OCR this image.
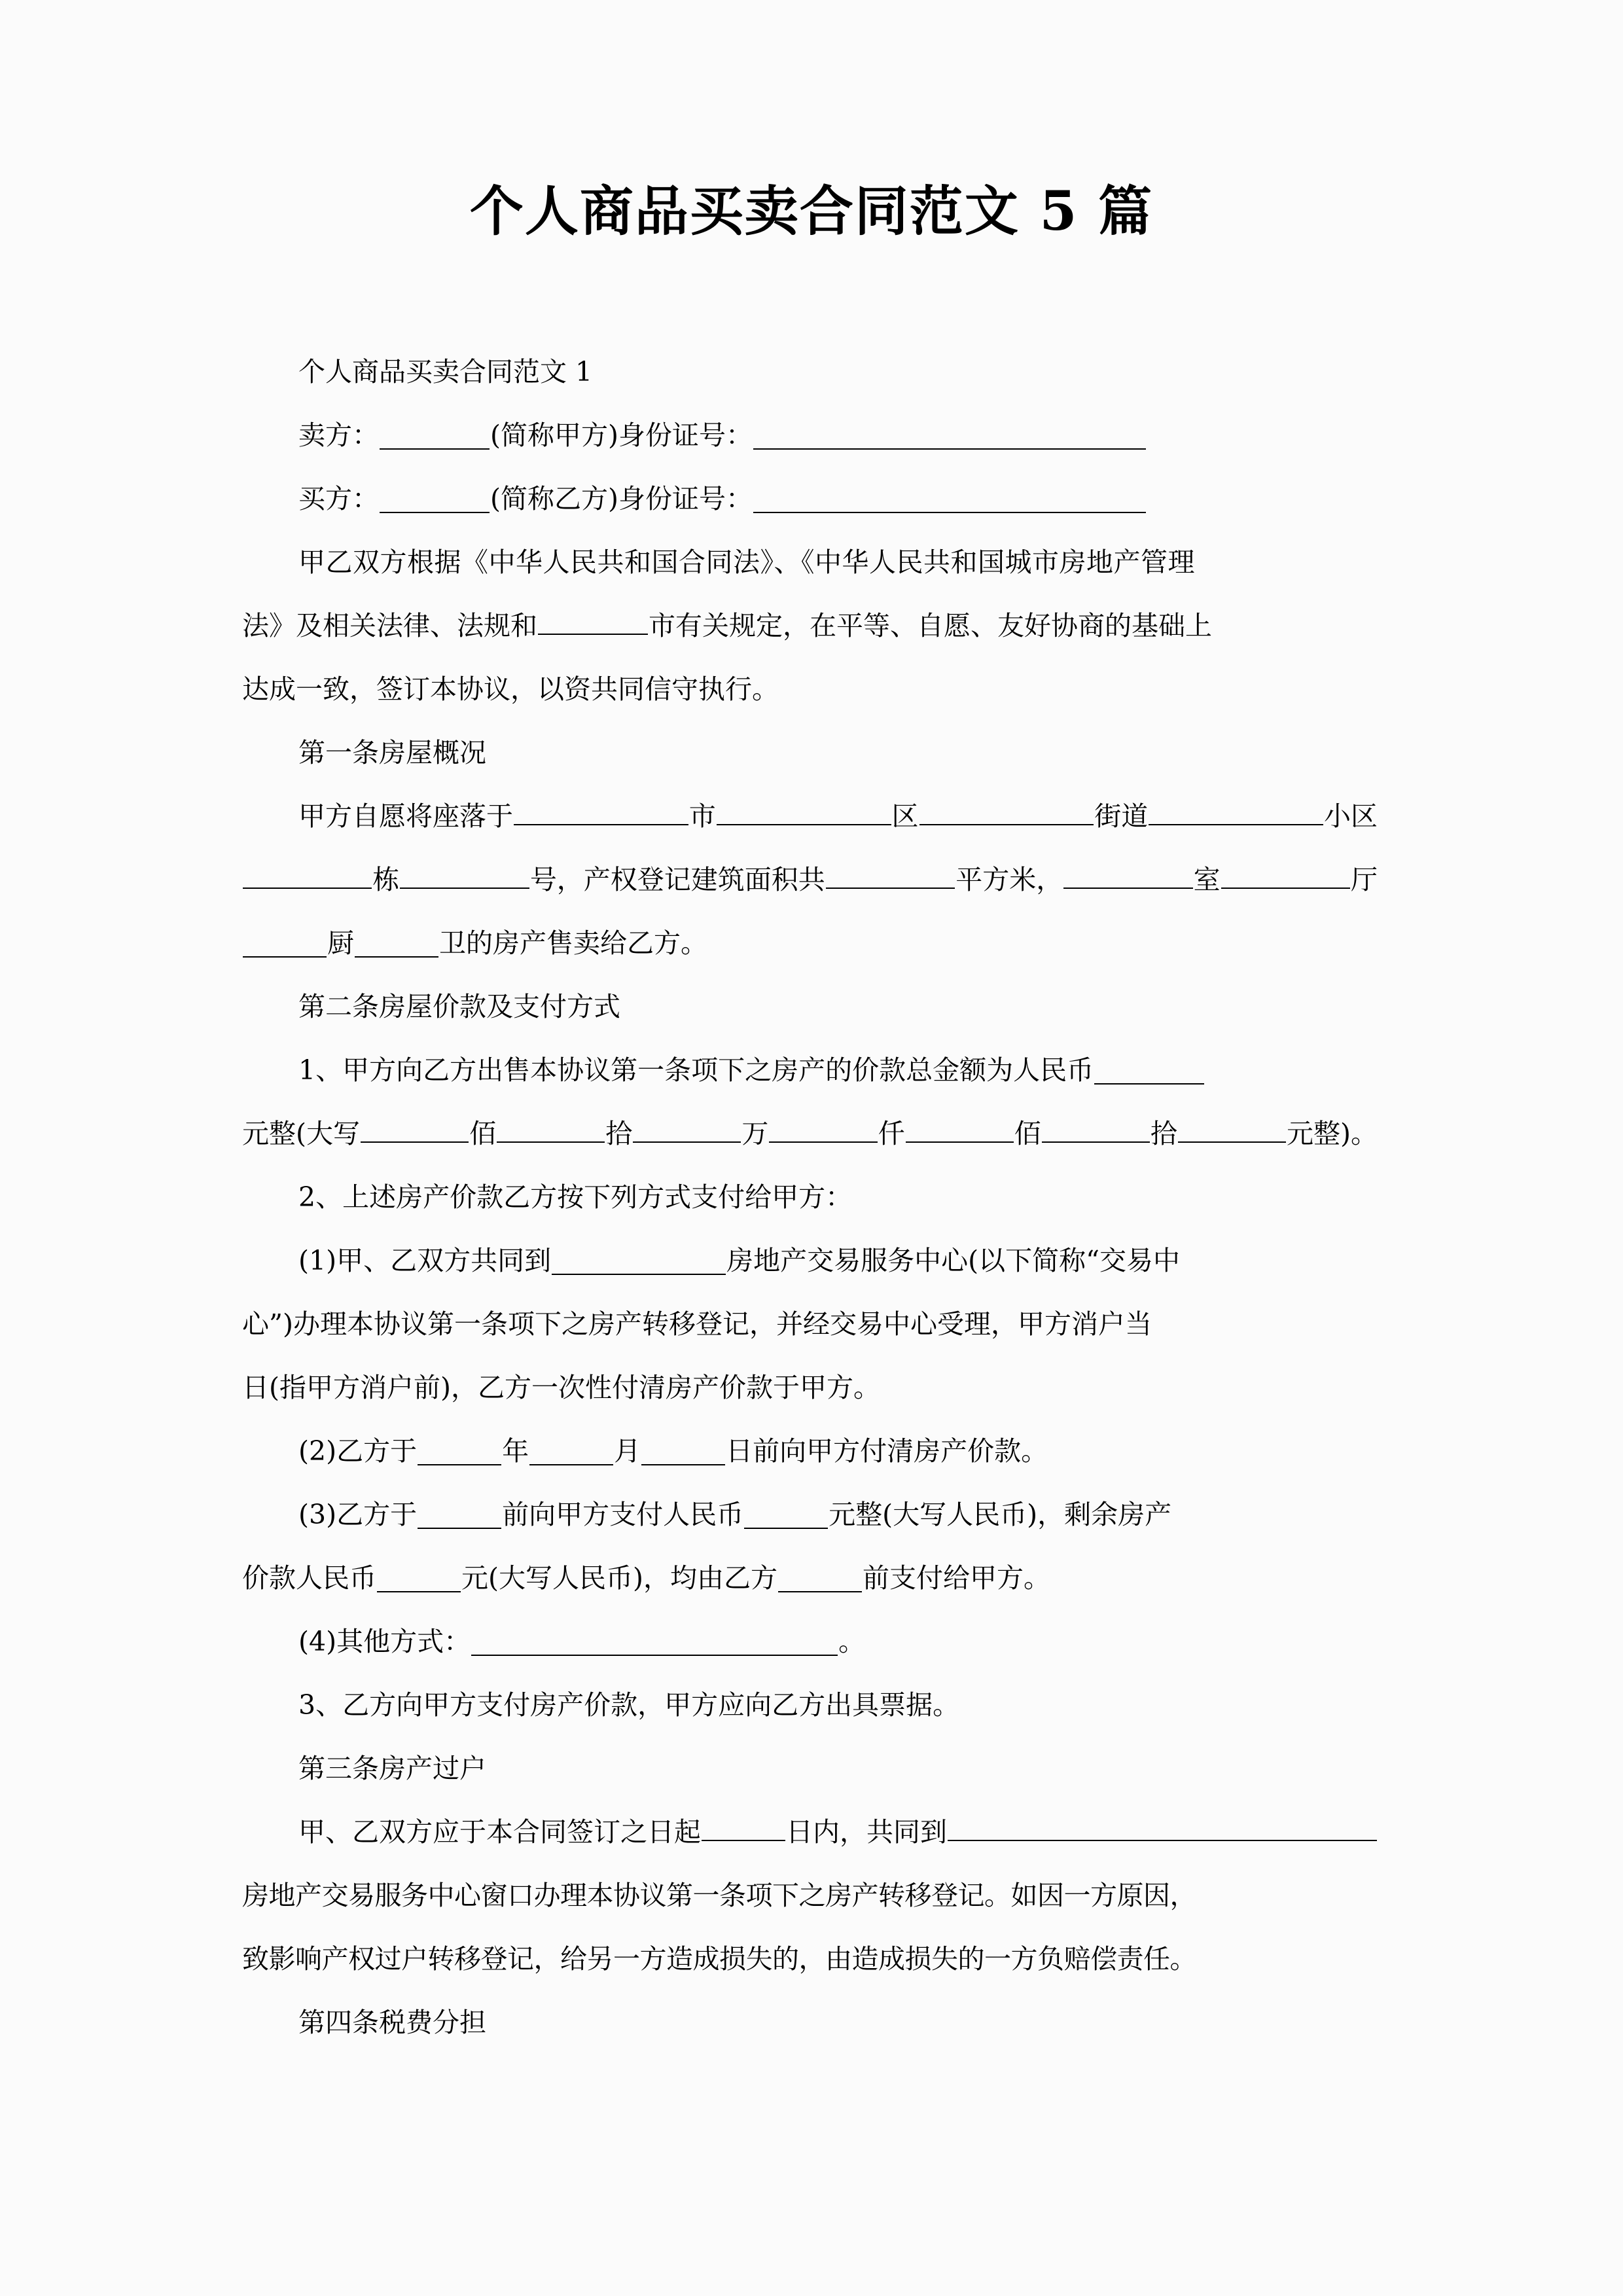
个人商品买卖合同范文 5 篇

个人商品买卖合同范文 1

卖方：	(简称甲方)身份证号：

买方：	(简称乙方)身份证号：

甲乙双方根据《中华人民共和国合同法》、《中华人民共和国城市房地产管理

法》及相关法律、法规和	市有关规定，在平等、自愿、友好协商的基础上

达成一致，签订本协议，以资共同信守执行。

第一条房屋概况

甲方自愿将座落于	市	区	街道	小区

栋	号，产权登记建筑面积共	平方米，	室	厅

厨	卫的房产售卖给乙方。

第二条房屋价款及支付方式

1、甲方向乙方出售本协议第一条项下之房产的价款总金额为人民币

元整(大写	佰	拾	万	仟	佰	拾	元整)。

2、上述房产价款乙方按下列方式支付给甲方：

(1)甲、乙双方共同到	房地产交易服务中心(以下简称“交易中

心”)办理本协议第一条项下之房产转移登记，并经交易中心受理，甲方消户当

日(指甲方消户前)，乙方一次性付清房产价款于甲方。

(2)乙方于	年	月	日前向甲方付清房产价款。

(3)乙方于	前向甲方支付人民币	元整(大写人民币)，剩余房产

价款人民币	元(大写人民币)，均由乙方	前支付给甲方。

(4)其他方式：	。

3、乙方向甲方支付房产价款，甲方应向乙方出具票据。

第三条房产过户

甲、乙双方应于本合同签订之日起	日内，共同到

房地产交易服务中心窗口办理本协议第一条项下之房产转移登记。如因一方原因，

致影响产权过户转移登记，给另一方造成损失的，由造成损失的一方负赔偿责任。

第四条税费分担
